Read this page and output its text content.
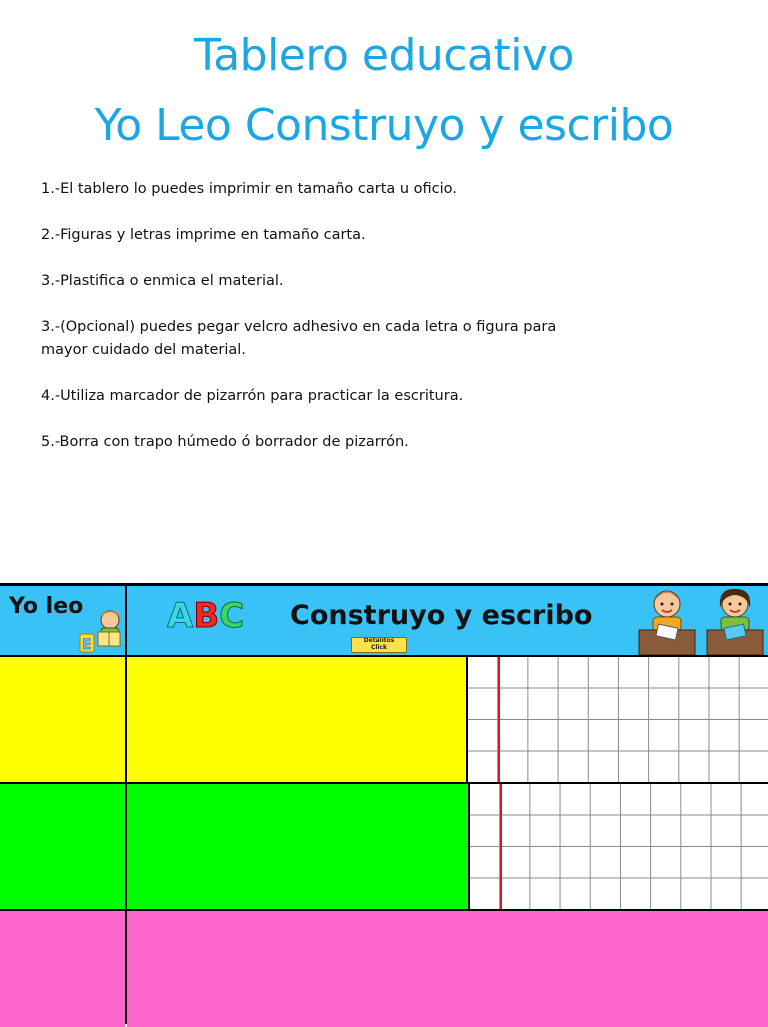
Tablero educativo
Yo Leo Construyo y escribo

1.-El tablero lo puedes imprimir en tamaño carta u oficio.

2.-Figuras y letras imprime en tamaño carta.

3.-Plastifica o enmica el material.

3.-(Opcional) puedes pegar velcro adhesivo en cada letra o figura para mayor cuidado del material.

4.-Utiliza marcador de pizarrón para practicar la escritura.

5.-Borra con trapo húmedo ó borrador de pizarrón.

Yo leo
E
ABC Construyo y escribo
Detalitos
Click
